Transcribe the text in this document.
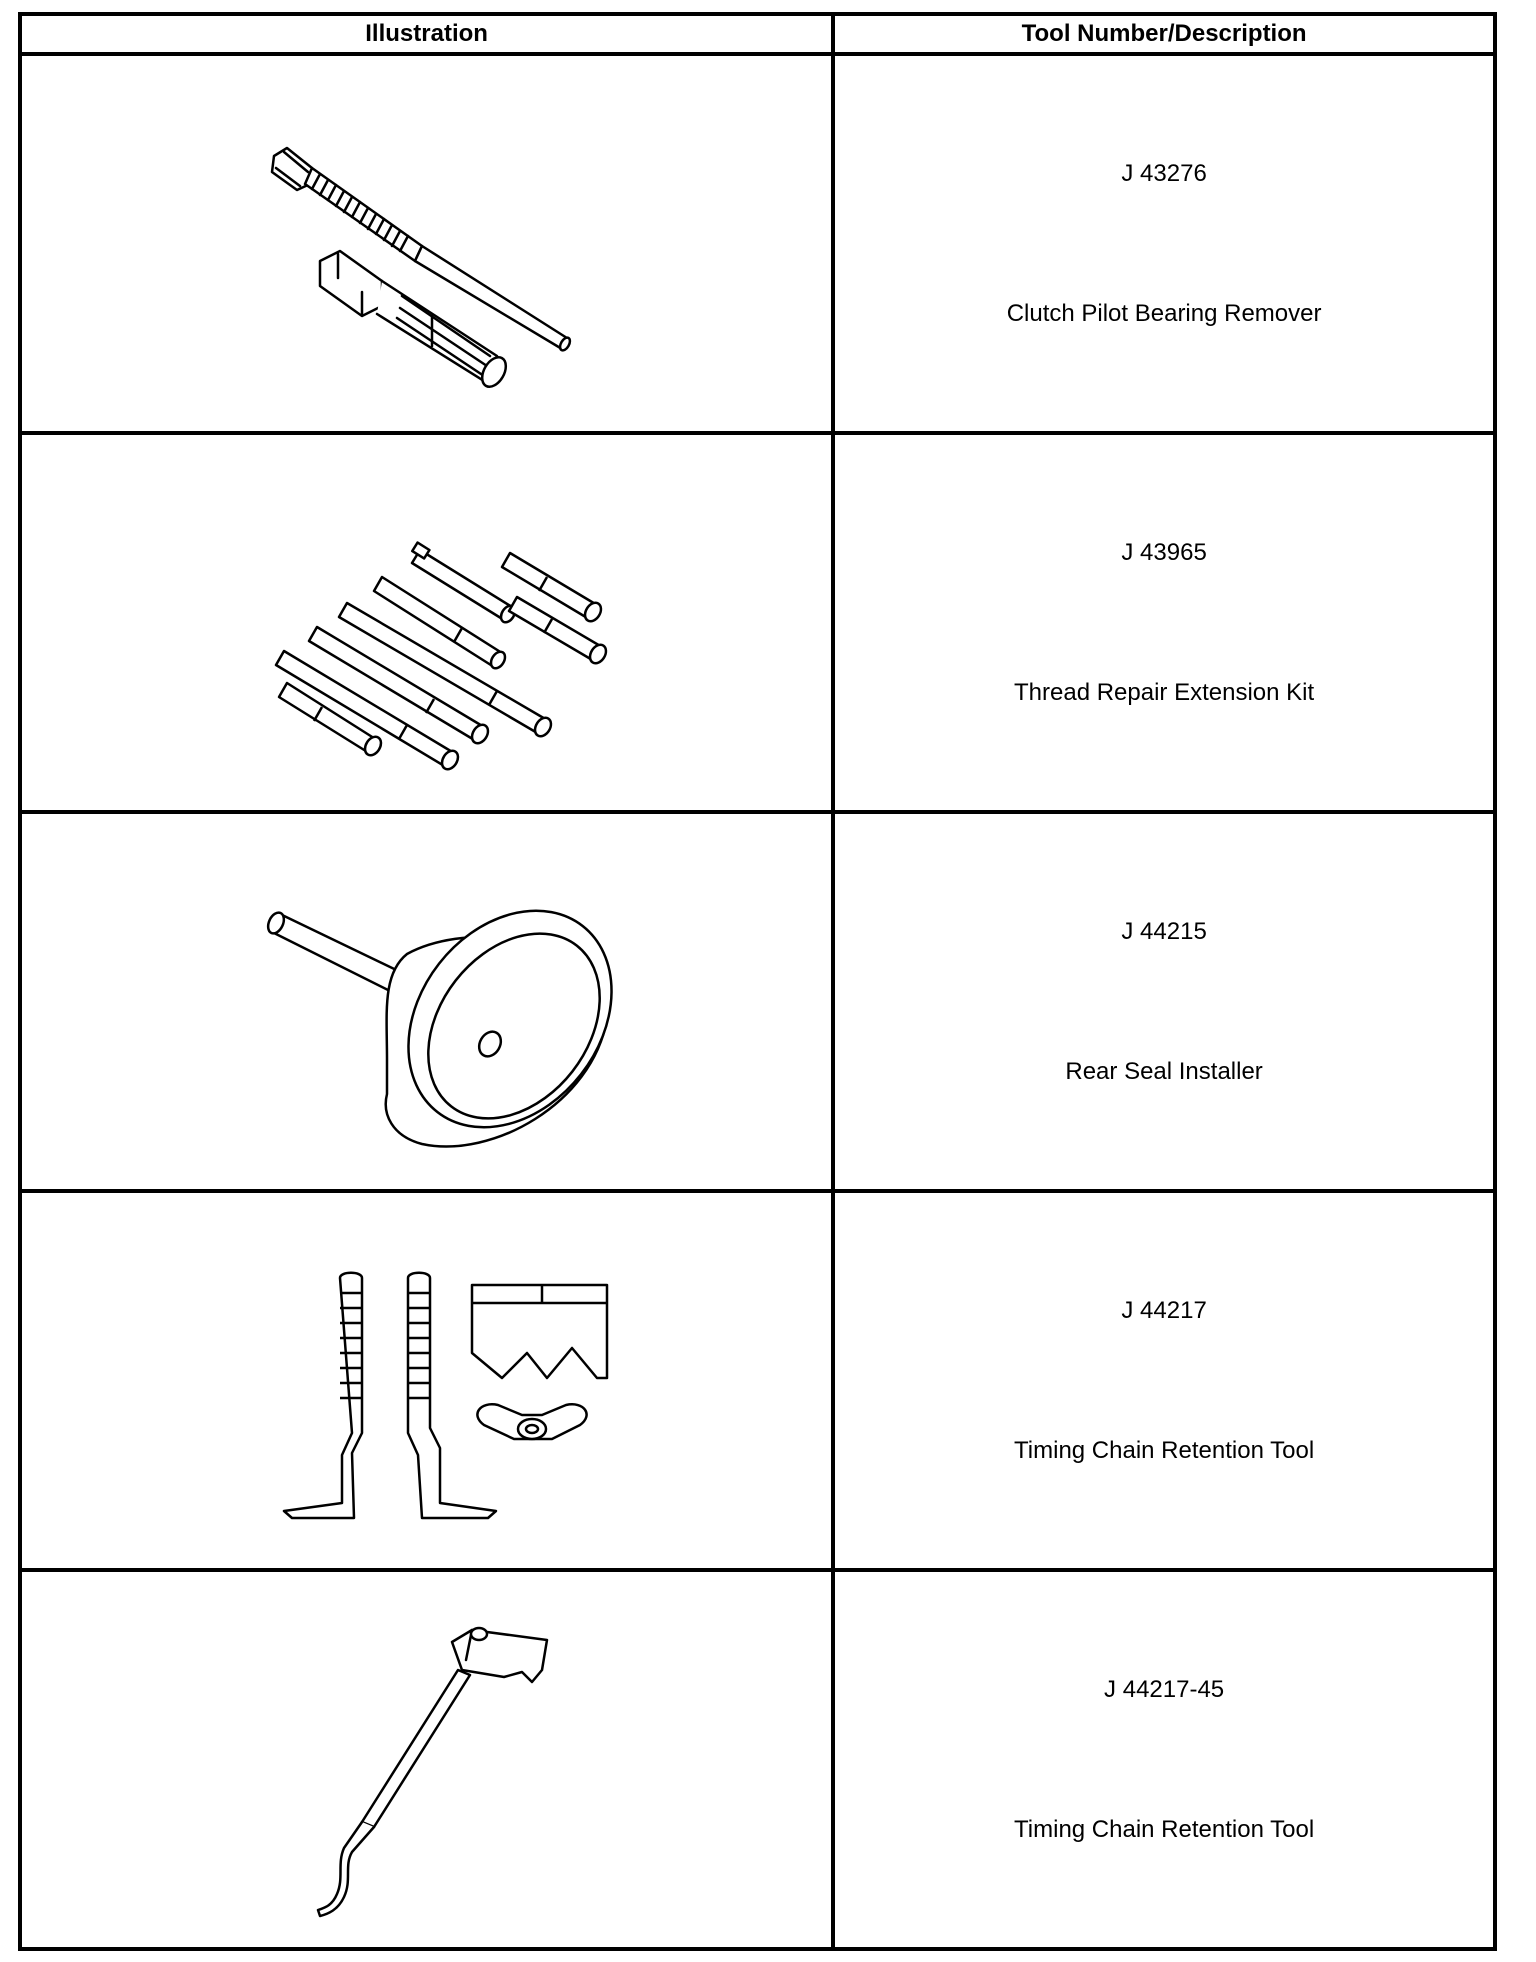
Illustration	Tool Number/Description

J 43276
Clutch Pilot Bearing Remover

J 43965
Thread Repair Extension Kit

J 44215
Rear Seal Installer

J 44217
Timing Chain Retention Tool

J 44217-45
Timing Chain Retention Tool
